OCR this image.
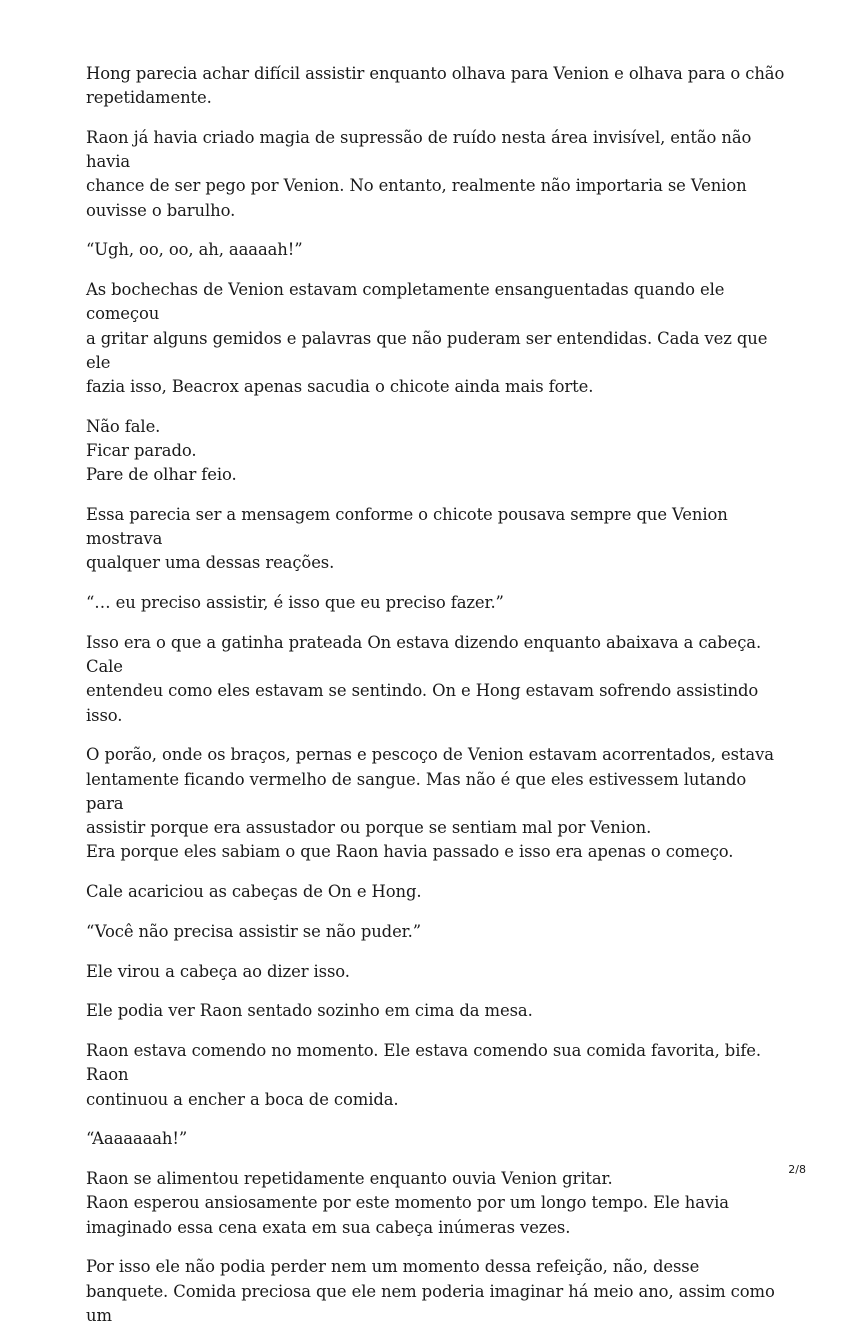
Hong parecia achar difícil assistir enquanto olhava para Venion e olhava para o chão
repetidamente.

Raon já havia criado magia de supressão de ruído nesta área invisível, então não havia
chance de ser pego por Venion. No entanto, realmente não importaria se Venion
ouvisse o barulho.

“Ugh, oo, oo, ah, aaaaah!”

As bochechas de Venion estavam completamente ensanguentadas quando ele começou
a gritar alguns gemidos e palavras que não puderam ser entendidas. Cada vez que ele
fazia isso, Beacrox apenas sacudia o chicote ainda mais forte.

Não fale.
Ficar parado.
Pare de olhar feio.

Essa parecia ser a mensagem conforme o chicote pousava sempre que Venion mostrava
qualquer uma dessas reações.

“… eu preciso assistir, é isso que eu preciso fazer.”

Isso era o que a gatinha prateada On estava dizendo enquanto abaixava a cabeça. Cale
entendeu como eles estavam se sentindo. On e Hong estavam sofrendo assistindo isso.

O porão, onde os braços, pernas e pescoço de Venion estavam acorrentados, estava
lentamente ficando vermelho de sangue. Mas não é que eles estivessem lutando para
assistir porque era assustador ou porque se sentiam mal por Venion.
Era porque eles sabiam o que Raon havia passado e isso era apenas o começo.

Cale acariciou as cabeças de On e Hong.

“Você não precisa assistir se não puder.”

Ele virou a cabeça ao dizer isso.

Ele podia ver Raon sentado sozinho em cima da mesa.

Raon estava comendo no momento. Ele estava comendo sua comida favorita, bife. Raon
continuou a encher a boca de comida.

“Aaaaaaah!”

Raon se alimentou repetidamente enquanto ouvia Venion gritar.
Raon esperou ansiosamente por este momento por um longo tempo. Ele havia
imaginado essa cena exata em sua cabeça inúmeras vezes.

Por isso ele não podia perder nem um momento dessa refeição, não, desse
banquete. Comida preciosa que ele nem poderia imaginar há meio ano, assim como um

2/8
